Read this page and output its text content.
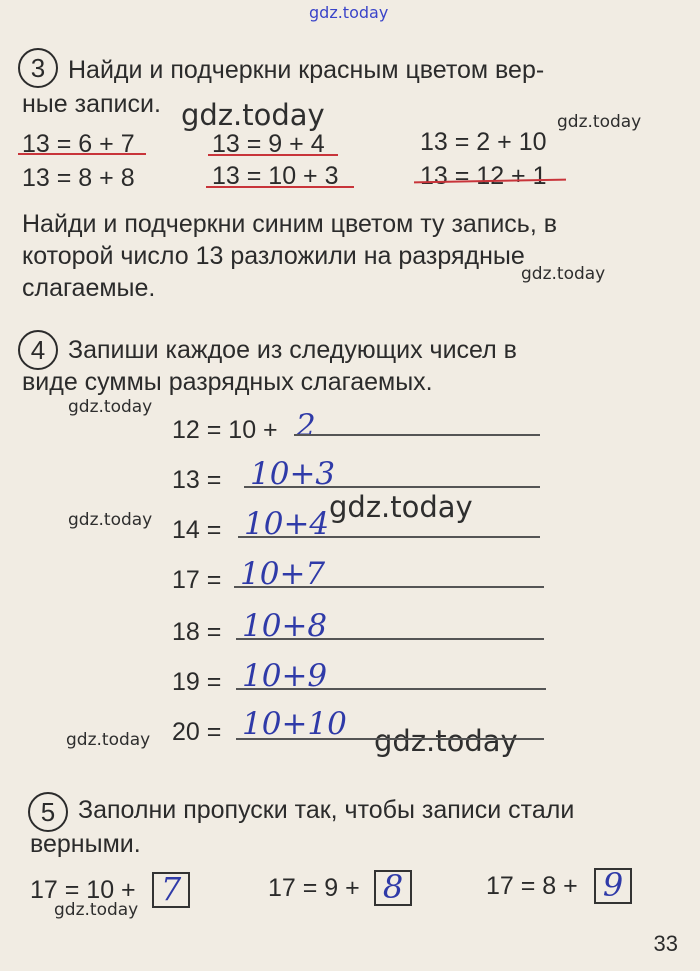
gdz.today
gdz.today	gdz.today
gdz.today
gdz.today
gdz.today	gdz.today
gdz.today	gdz.today
gdz.today
3 Найди и подчеркни красным цветом вер-
ные записи.
13 = 6 + 7	13 = 9 + 4	13 = 2 + 10
13 = 8 + 8	13 = 10 + 3	13 = 12 + 1
Найди и подчеркни синим цветом ту запись, в
которой число 13 разложили на разрядные
слагаемые.
4 Запиши каждое из следующих чисел в
виде суммы разрядных слагаемых.
12 = 10 + 2
13 = 10+3
14 = 10+4
17 = 10+7
18 = 10+8
19 = 10+9
20 = 10+10
5 Заполни пропуски так, чтобы записи стали
верными.
17 = 10 + 7	17 = 9 + 8	17 = 8 + 9
33
